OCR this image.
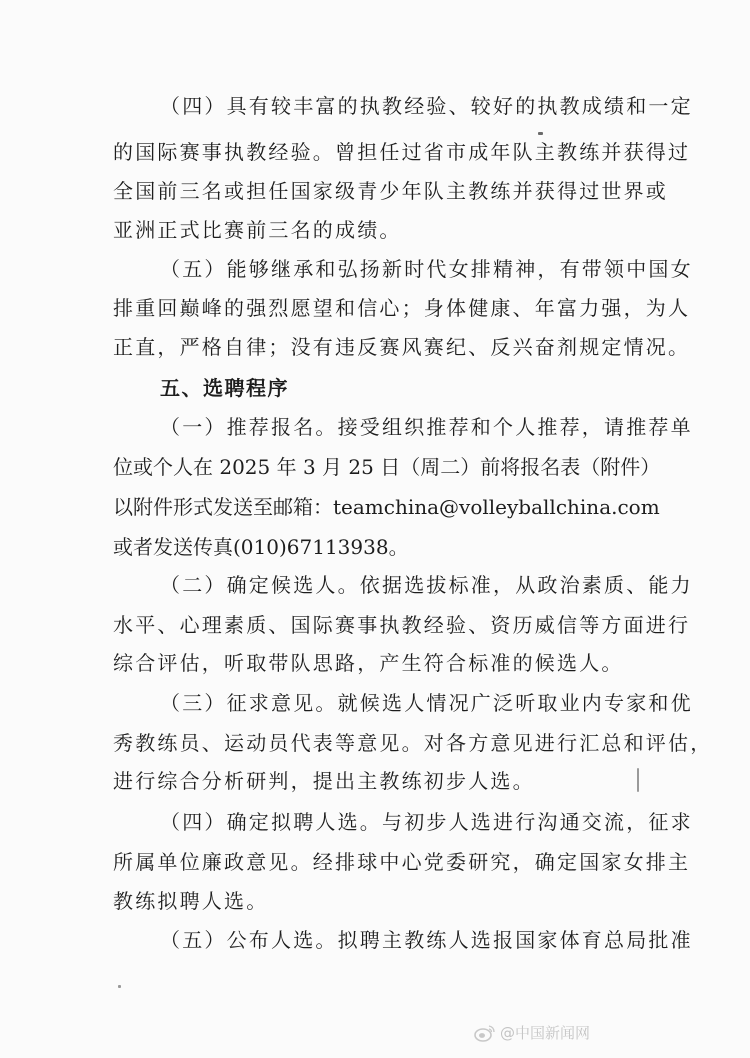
（四）具有较丰富的执教经验、较好的执教成绩和一定
的国际赛事执教经验。曾担任过省市成年队主教练并获得过
全国前三名或担任国家级青少年队主教练并获得过世界或
亚洲正式比赛前三名的成绩。
（五）能够继承和弘扬新时代女排精神，有带领中国女
排重回巅峰的强烈愿望和信心；身体健康、年富力强，为人
正直，严格自律；没有违反赛风赛纪、反兴奋剂规定情况。
五、选聘程序
（一）推荐报名。接受组织推荐和个人推荐，请推荐单
位或个人在 2025 年 3 月 25 日（周二）前将报名表（附件）
以附件形式发送至邮箱：teamchina@volleyballchina.com
或者发送传真(010)67113938。
（二）确定候选人。依据选拔标准，从政治素质、能力
水平、心理素质、国际赛事执教经验、资历威信等方面进行
综合评估，听取带队思路，产生符合标准的候选人。
（三）征求意见。就候选人情况广泛听取业内专家和优
秀教练员、运动员代表等意见。对各方意见进行汇总和评估，
进行综合分析研判，提出主教练初步人选。
（四）确定拟聘人选。与初步人选进行沟通交流，征求
所属单位廉政意见。经排球中心党委研究，确定国家女排主
教练拟聘人选。
（五）公布人选。拟聘主教练人选报国家体育总局批准
@中国新闻网
